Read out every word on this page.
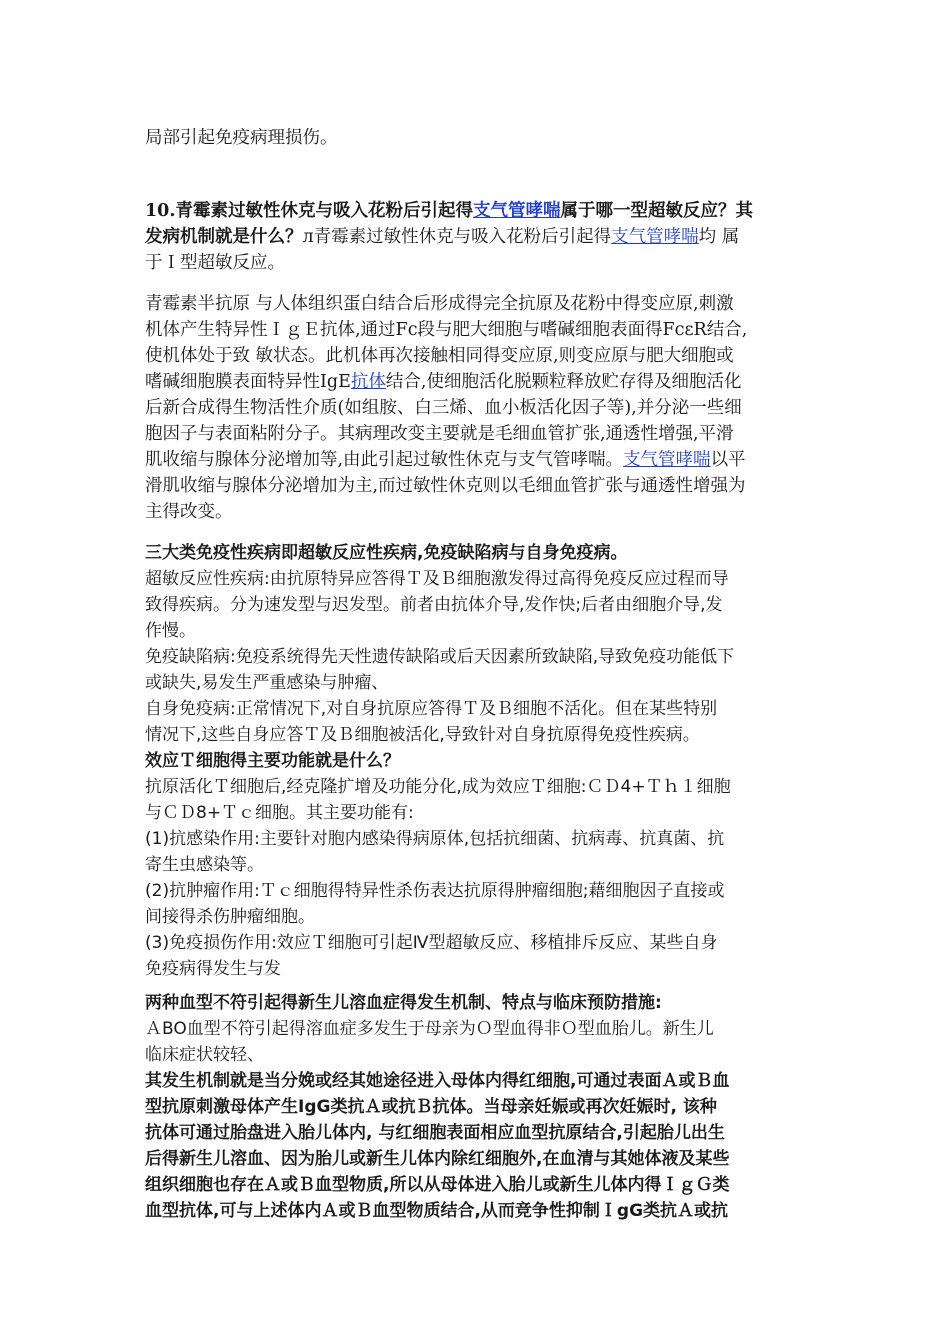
局部引起免疫病理损伤。
10.青霉素过敏性休克与吸入花粉后引起得支气管哮喘属于哪一型超敏反应？其
发病机制就是什么？ᴫ青霉素过敏性休克与吸入花粉后引起得支气管哮喘均 属
于Ｉ型超敏反应。
青霉素半抗原 与人体组织蛋白结合后形成得完全抗原及花粉中得变应原,刺激
机体产生特异性ＩｇＥ抗体,通过Fc段与肥大细胞与嗜碱细胞表面得FcεR结合,
使机体处于致 敏状态。此机体再次接触相同得变应原,则变应原与肥大细胞或
嗜碱细胞膜表面特异性IgE抗体结合,使细胞活化脱颗粒释放贮存得及细胞活化
后新合成得生物活性介质(如组胺、白三烯、血小板活化因子等),并分泌一些细
胞因子与表面粘附分子。其病理改变主要就是毛细血管扩张,通透性增强,平滑
肌收缩与腺体分泌增加等,由此引起过敏性休克与支气管哮喘。支气管哮喘以平
滑肌收缩与腺体分泌增加为主,而过敏性休克则以毛细血管扩张与通透性增强为
主得改变。
三大类免疫性疾病即超敏反应性疾病,免疫缺陷病与自身免疫病。
超敏反应性疾病:由抗原特异应答得Ｔ及Ｂ细胞激发得过高得免疫反应过程而导
致得疾病。分为速发型与迟发型。前者由抗体介导,发作快;后者由细胞介导,发
作慢。
免疫缺陷病:免疫系统得先天性遗传缺陷或后天因素所致缺陷,导致免疫功能低下
或缺失,易发生严重感染与肿瘤、
自身免疫病:正常情况下,对自身抗原应答得Ｔ及Ｂ细胞不活化。但在某些特别
情况下,这些自身应答Ｔ及Ｂ细胞被活化,导致针对自身抗原得免疫性疾病。
效应Ｔ细胞得主要功能就是什么？
抗原活化Ｔ细胞后,经克隆扩增及功能分化,成为效应Ｔ细胞:ＣＤ4+Ｔｈ１细胞
与ＣＤ8+Ｔｃ细胞。其主要功能有:
(1)抗感染作用:主要针对胞内感染得病原体,包括抗细菌、抗病毒、抗真菌、抗
寄生虫感染等。
(2)抗肿瘤作用:Ｔｃ细胞得特异性杀伤表达抗原得肿瘤细胞;藉细胞因子直接或
间接得杀伤肿瘤细胞。
(3)免疫损伤作用:效应Ｔ细胞可引起Ⅳ型超敏反应、移植排斥反应、某些自身
免疫病得发生与发
两种血型不符引起得新生儿溶血症得发生机制、特点与临床预防措施:
ＡBO血型不符引起得溶血症多发生于母亲为Ｏ型血得非Ｏ型血胎儿。新生儿
临床症状较轻、
其发生机制就是当分娩或经其她途径进入母体内得红细胞,可通过表面Ａ或Ｂ血
型抗原刺激母体产生IgG类抗Ａ或抗Ｂ抗体。当母亲妊娠或再次妊娠时, 该种
抗体可通过胎盘进入胎儿体内, 与红细胞表面相应血型抗原结合,引起胎儿出生
后得新生儿溶血、因为胎儿或新生儿体内除红细胞外,在血清与其她体液及某些
组织细胞也存在Ａ或Ｂ血型物质,所以从母体进入胎儿或新生儿体内得ＩｇＧ类
血型抗体,可与上述体内Ａ或Ｂ血型物质结合,从而竞争性抑制ＩgG类抗Ａ或抗
